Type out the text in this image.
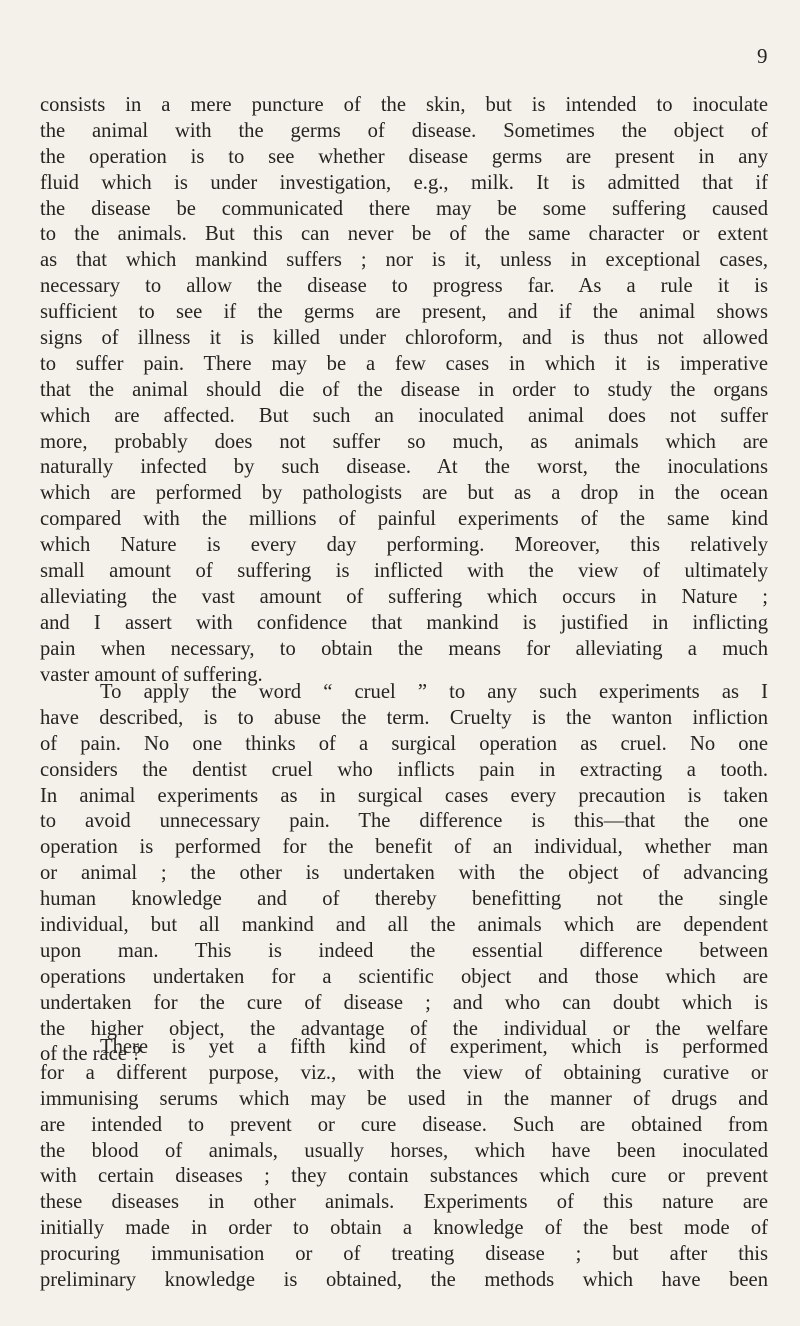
9
consists in a mere puncture of the skin, but is intended to inoculate
the animal with the germs of disease. Sometimes the object of
the operation is to see whether disease germs are present in any
fluid which is under investigation, e.g., milk. It is admitted that if
the disease be communicated there may be some suffering caused
to the animals. But this can never be of the same character or extent
as that which mankind suffers ; nor is it, unless in exceptional cases,
necessary to allow the disease to progress far. As a rule it is
sufficient to see if the germs are present, and if the animal shows
signs of illness it is killed under chloroform, and is thus not allowed
to suffer pain. There may be a few cases in which it is imperative
that the animal should die of the disease in order to study the organs
which are affected. But such an inoculated animal does not suffer
more, probably does not suffer so much, as animals which are
naturally infected by such disease. At the worst, the inoculations
which are performed by pathologists are but as a drop in the ocean
compared with the millions of painful experiments of the same kind
which Nature is every day performing. Moreover, this relatively
small amount of suffering is inflicted with the view of ultimately
alleviating the vast amount of suffering which occurs in Nature ;
and I assert with confidence that mankind is justified in inflicting
pain when necessary, to obtain the means for alleviating a much
vaster amount of suffering.
To apply the word “ cruel ” to any such experiments as I
have described, is to abuse the term. Cruelty is the wanton infliction
of pain. No one thinks of a surgical operation as cruel. No one
considers the dentist cruel who inflicts pain in extracting a tooth.
In animal experiments as in surgical cases every precaution is taken
to avoid unnecessary pain. The difference is this—that the one
operation is performed for the benefit of an individual, whether man
or animal ; the other is undertaken with the object of advancing
human knowledge and of thereby benefitting not the single
individual, but all mankind and all the animals which are dependent
upon man. This is indeed the essential difference between
operations undertaken for a scientific object and those which are
undertaken for the cure of disease ; and who can doubt which is
the higher object, the advantage of the individual or the welfare
of the race ?
There is yet a fifth kind of experiment, which is performed
for a different purpose, viz., with the view of obtaining curative or
immunising serums which may be used in the manner of drugs and
are intended to prevent or cure disease. Such are obtained from
the blood of animals, usually horses, which have been inoculated
with certain diseases ; they contain substances which cure or prevent
these diseases in other animals. Experiments of this nature are
initially made in order to obtain a knowledge of the best mode of
procuring immunisation or of treating disease ; but after this
preliminary knowledge is obtained, the methods which have been
